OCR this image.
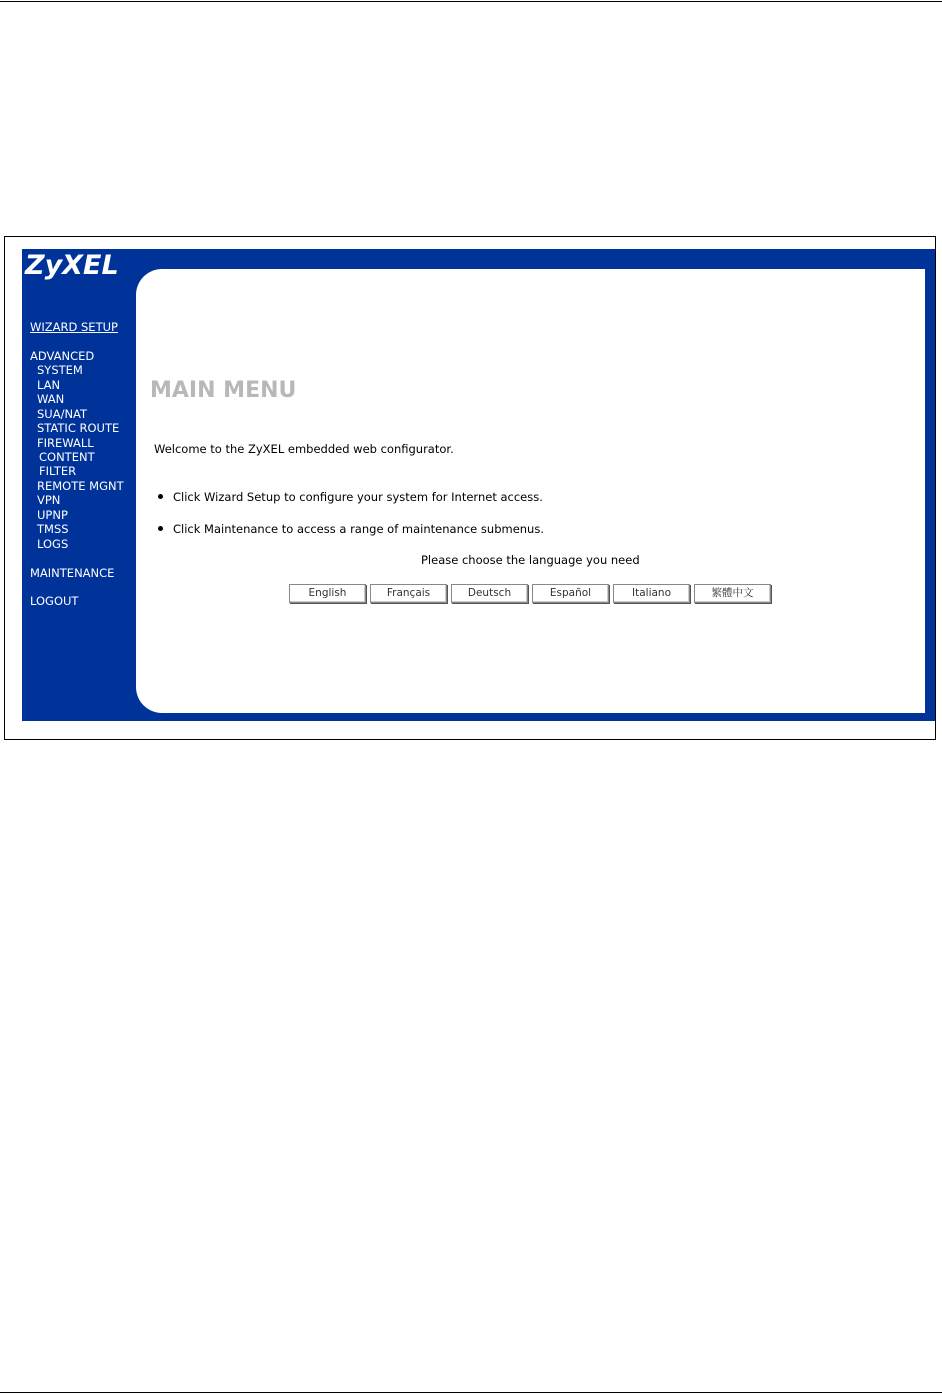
ZyXEL
WIZARD SETUP
ADVANCED
SYSTEM
LAN
WAN
SUA/NAT
STATIC ROUTE
FIREWALL
CONTENT
FILTER
REMOTE MGNT
VPN
UPNP
TMSS
LOGS
MAINTENANCE
LOGOUT
MAIN MENU
Welcome to the ZyXEL embedded web configurator.
Click Wizard Setup to configure your system for Internet access.
Click Maintenance to access a range of maintenance submenus.
Please choose the language you need
English	Français	Deutsch	Español	Italiano	繁體中文
